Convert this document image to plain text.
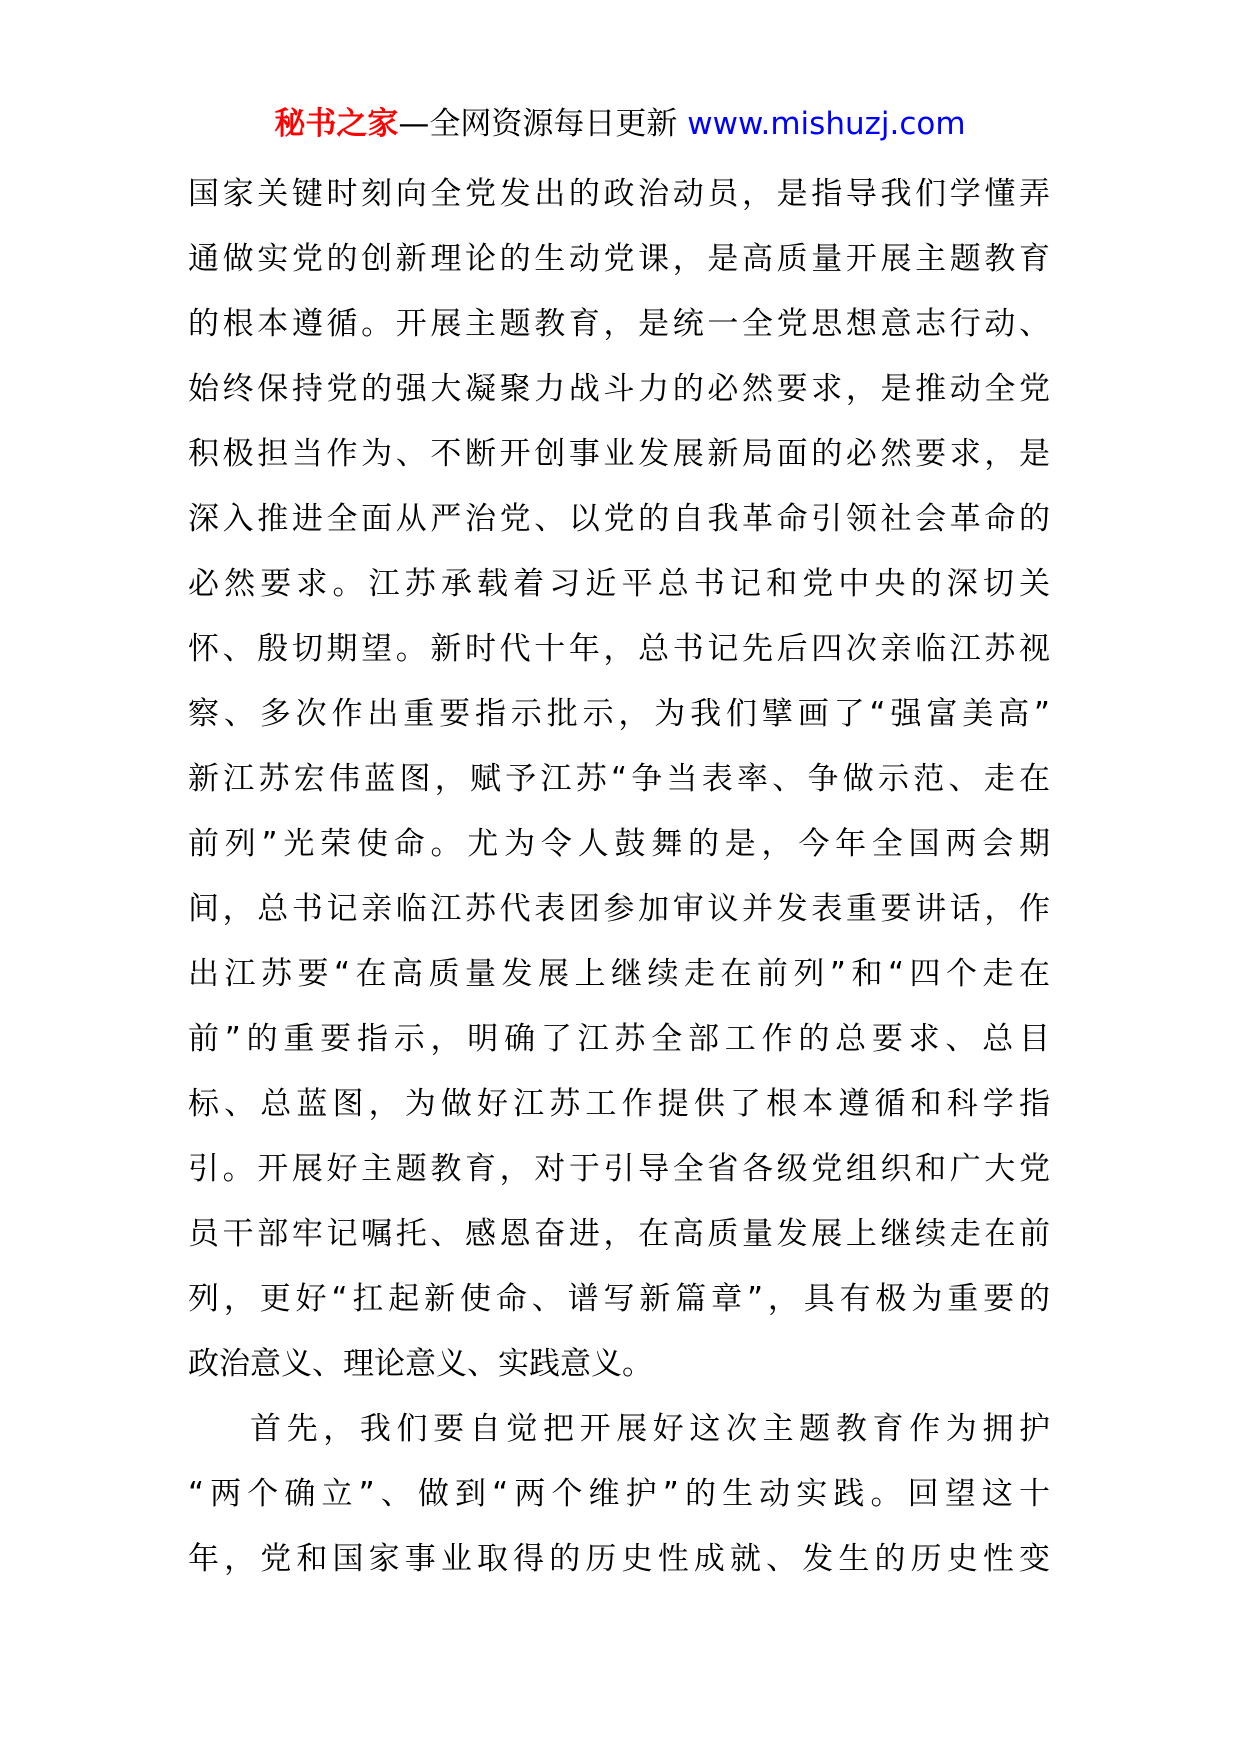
秘书之家—全网资源每日更新 www.mishuzj.com
国家关键时刻向全党发出的政治动员，是指导我们学懂弄
通做实党的创新理论的生动党课，是高质量开展主题教育
的根本遵循。开展主题教育，是统一全党思想意志行动、
始终保持党的强大凝聚力战斗力的必然要求，是推动全党
积极担当作为、不断开创事业发展新局面的必然要求，是
深入推进全面从严治党、以党的自我革命引领社会革命的
必然要求。江苏承载着习近平总书记和党中央的深切关
怀、殷切期望。新时代十年，总书记先后四次亲临江苏视
察、多次作出重要指示批示，为我们擘画了“强富美高”
新江苏宏伟蓝图，赋予江苏“争当表率、争做示范、走在
前列”光荣使命。尤为令人鼓舞的是，今年全国两会期
间，总书记亲临江苏代表团参加审议并发表重要讲话，作
出江苏要“在高质量发展上继续走在前列”和“四个走在
前”的重要指示，明确了江苏全部工作的总要求、总目
标、总蓝图，为做好江苏工作提供了根本遵循和科学指
引。开展好主题教育，对于引导全省各级党组织和广大党
员干部牢记嘱托、感恩奋进，在高质量发展上继续走在前
列，更好“扛起新使命、谱写新篇章”，具有极为重要的
政治意义、理论意义、实践意义。
首先，我们要自觉把开展好这次主题教育作为拥护
“两个确立”、做到“两个维护”的生动实践。回望这十
年，党和国家事业取得的历史性成就、发生的历史性变
